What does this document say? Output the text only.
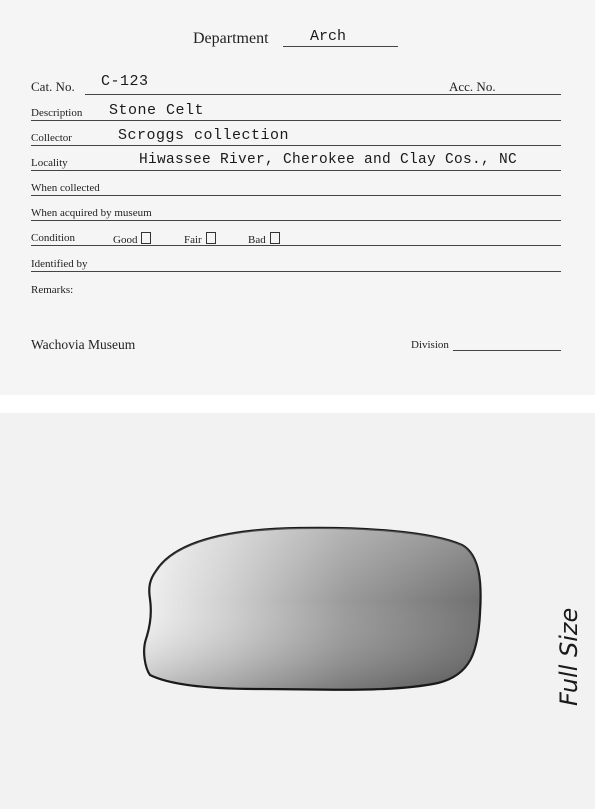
Department	Arch
Cat. No. C-123	Acc. No.
Description Stone Celt
Collector	Scroggs collection
Locality	Hiwassee River, Cherokee and Clay Cos., NC
When collected
When acquired by museum
Condition	Good	Fair	Bad
Identified by
Remarks:
Wachovia Museum	Division
Full Size
